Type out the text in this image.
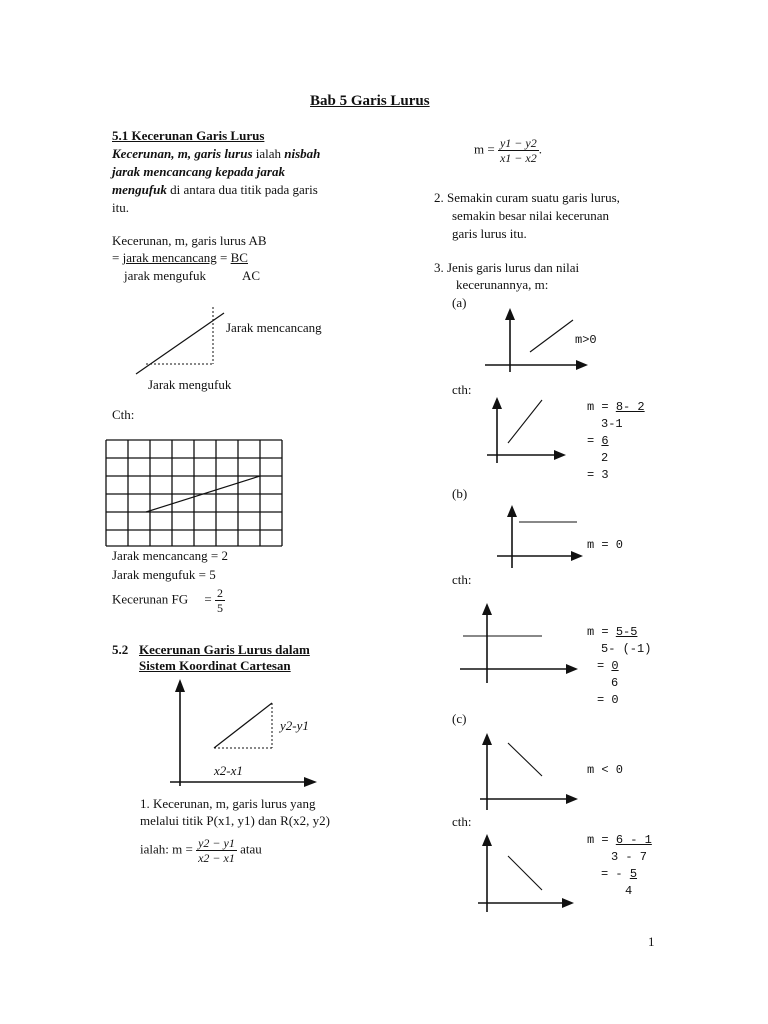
Bab 5 Garis Lurus
5.1 Kecerunan Garis Lurus
Kecerunan, m, garis lurus ialah nisbah
jarak mencancang kepada jarak
mengufuk di antara dua titik pada garis
itu.
Kecerunan, m, garis lurus AB
= jarak mencancang = BC
jarak mengufuk	AC
Jarak mencancang
Jarak mengufuk
Cth:
Jarak mencancang = 2
Jarak mengufuk = 5
Kecerunan FG = $\frac{2}{5}$
5.2 Kecerunan Garis Lurus dalam
Sistem Koordinat Cartesan
y2-y1
x2-x1
1. Kecerunan, m, garis lurus yang
melalui titik P(x1, y1) dan R(x2, y2)
ialah: $m = \frac{y2 - y1}{x2 - x1}$ atau
$m = \frac{y1 - y2}{x1 - x2}$ .
2. Semakin curam suatu garis lurus,
semakin besar nilai kecerunan
garis lurus itu.
3. Jenis garis lurus dan nilai
kecerunannya, m:
(a)
m>0
cth:
m = 8- 2
3-1
= 6
2
= 3
(b)
m = 0
cth:
m = 5-5
5- (-1)
= 0
6
= 0
(c)
m < 0
cth:
m = 6 - 1
3 - 7
= - 5
4
1
